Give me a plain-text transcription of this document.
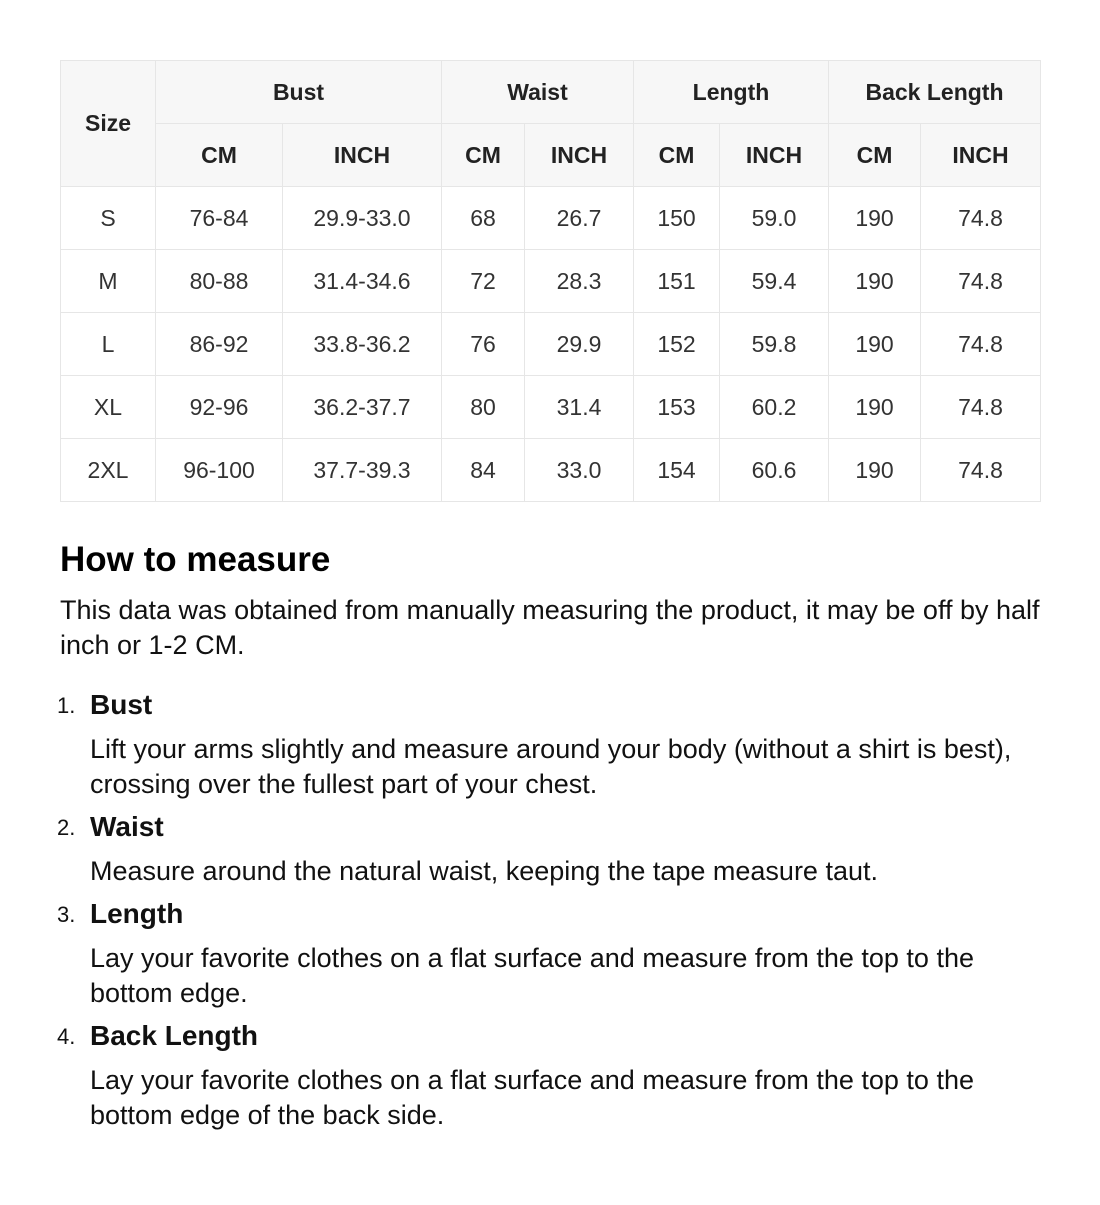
Size	Bust		Waist		Length		Back Length	
	CM	INCH	CM	INCH	CM	INCH	CM	INCH
S	76-84	29.9-33.0	68	26.7	150	59.0	190	74.8
M	80-88	31.4-34.6	72	28.3	151	59.4	190	74.8
L	86-92	33.8-36.2	76	29.9	152	59.8	190	74.8
XL	92-96	36.2-37.7	80	31.4	153	60.2	190	74.8
2XL	96-100	37.7-39.3	84	33.0	154	60.6	190	74.8
How to measure

This data was obtained from manually measuring the product, it may be off by half inch or 1-2 CM.

1. Bust
Lift your arms slightly and measure around your body (without a shirt is best), crossing over the fullest part of your chest.
2. Waist
Measure around the natural waist, keeping the tape measure taut.
3. Length
Lay your favorite clothes on a flat surface and measure from the top to the bottom edge.
4. Back Length
Lay your favorite clothes on a flat surface and measure from the top to the bottom edge of the back side.
